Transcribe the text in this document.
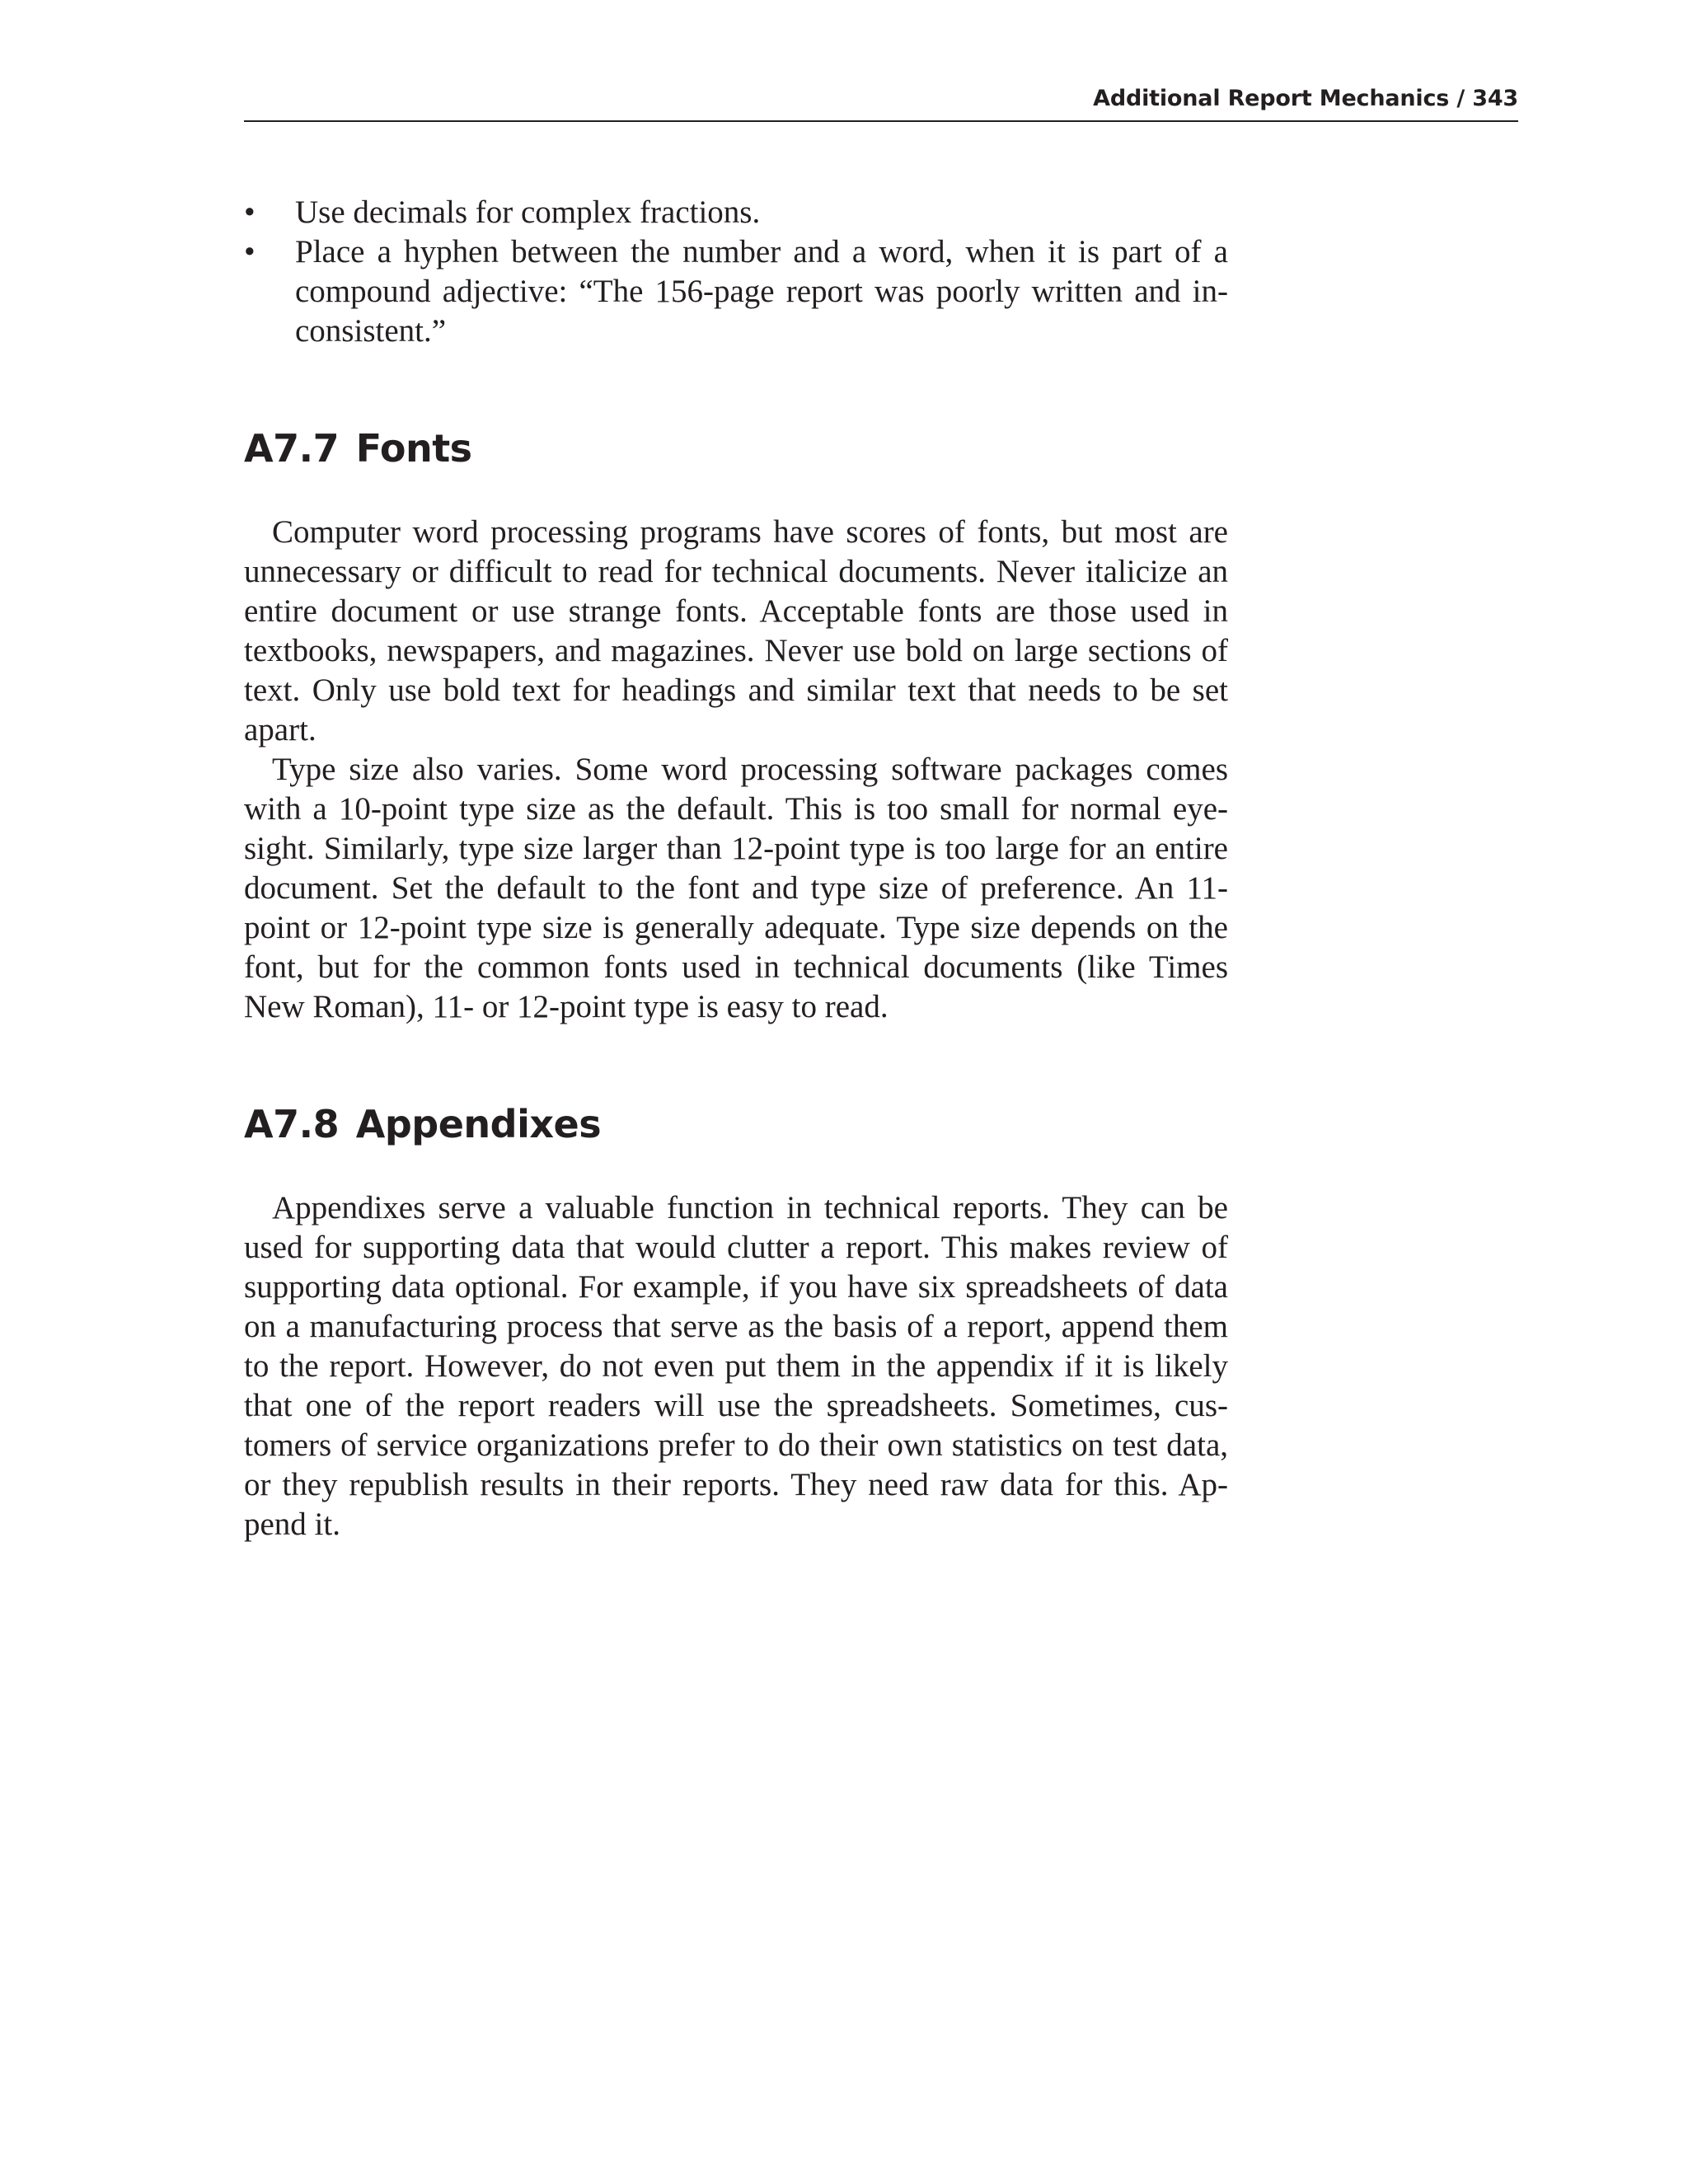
Additional Report Mechanics / 343
• Use decimals for complex fractions.
• Place a hyphen between the number and a word, when it is part of a compound adjective: “The 156-page report was poorly written and inconsistent.”
A7.7 Fonts

Computer word processing programs have scores of fonts, but most are unnecessary or difficult to read for technical documents. Never italicize an entire document or use strange fonts. Acceptable fonts are those used in textbooks, newspapers, and magazines. Never use bold on large sections of text. Only use bold text for headings and similar text that needs to be set apart.

Type size also varies. Some word processing software packages comes with a 10-point type size as the default. This is too small for normal eyesight. Similarly, type size larger than 12-point type is too large for an entire document. Set the default to the font and type size of preference. An 11-point or 12-point type size is generally adequate. Type size depends on the font, but for the common fonts used in technical documents (like Times New Roman), 11- or 12-point type is easy to read.

A7.8 Appendixes

Appendixes serve a valuable function in technical reports. They can be used for supporting data that would clutter a report. This makes review of supporting data optional. For example, if you have six spreadsheets of data on a manufacturing process that serve as the basis of a report, append them to the report. However, do not even put them in the appendix if it is likely that one of the report readers will use the spreadsheets. Sometimes, customers of service organizations prefer to do their own statistics on test data, or they republish results in their reports. They need raw data for this. Append it.
